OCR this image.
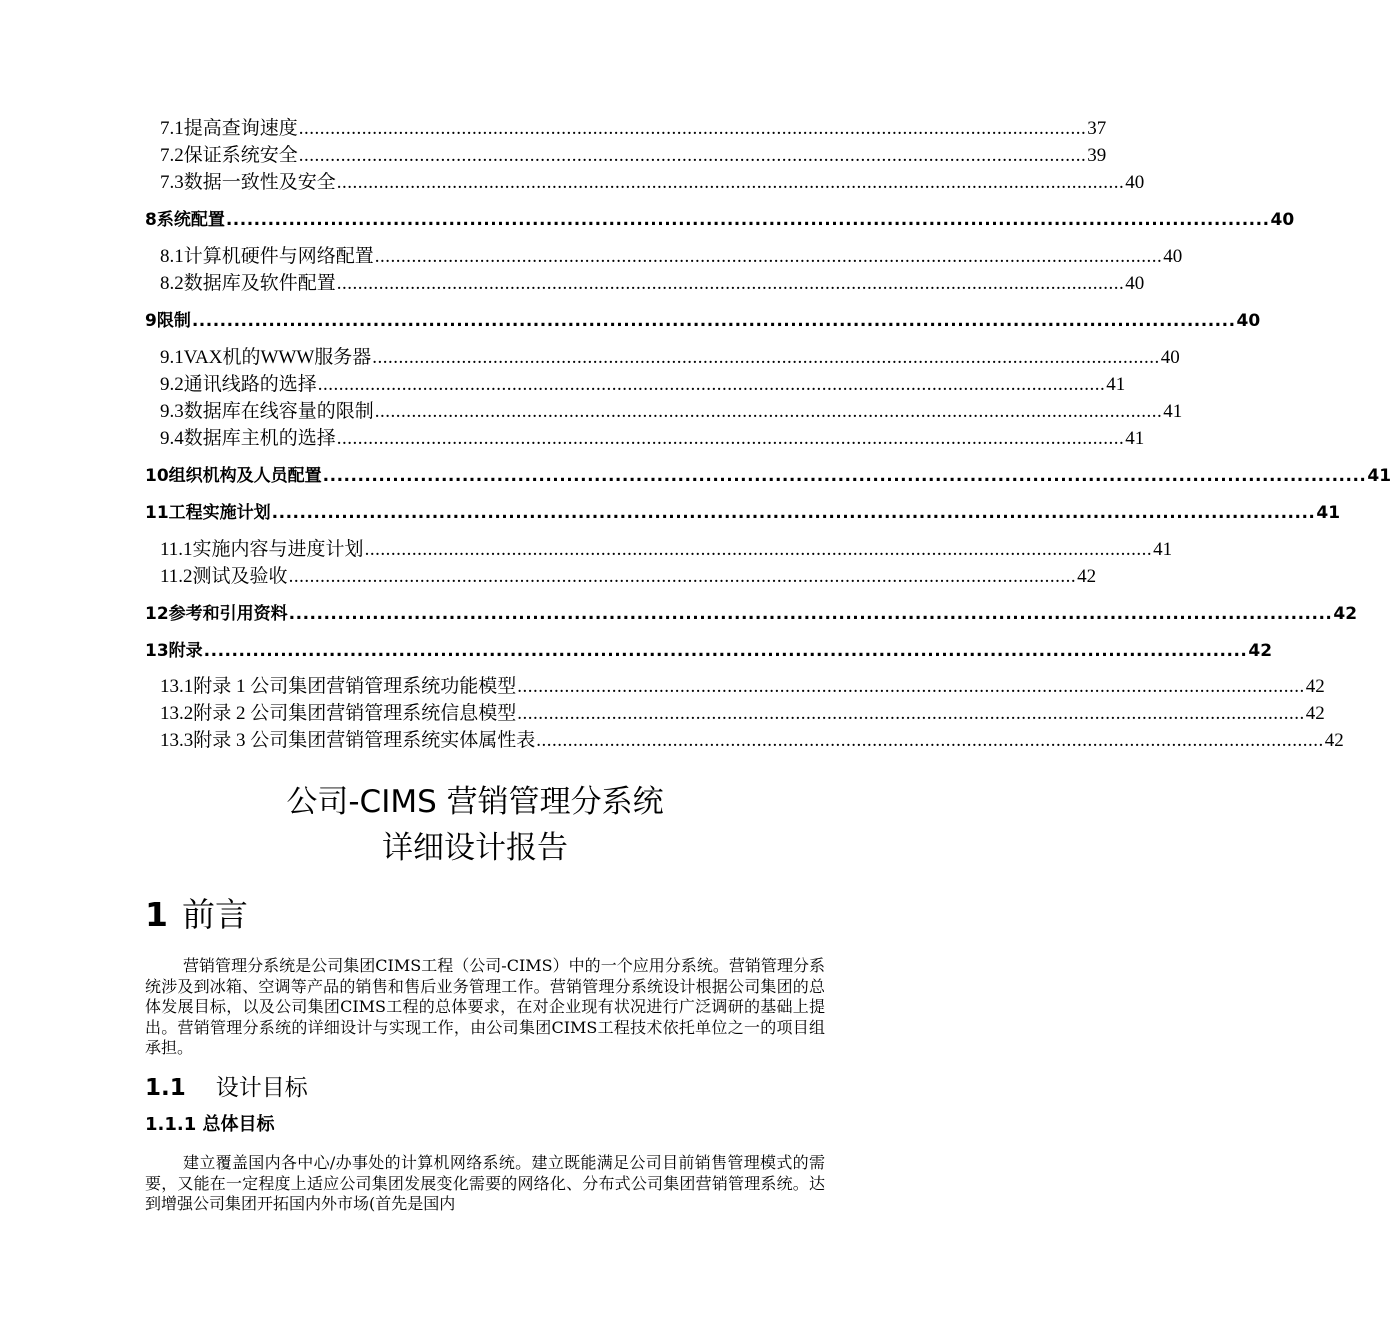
7.1 提高查询速度 ...................................................................................................................................................... 37
7.2 保证系统安全 ...................................................................................................................................................... 39
7.3 数据一致性及安全 ...................................................................................................................................................... 40
8 系统配置 ...................................................................................................................................................... 40
8.1 计算机硬件与网络配置 ...................................................................................................................................................... 40
8.2 数据库及软件配置 ...................................................................................................................................................... 40
9 限制 ...................................................................................................................................................... 40
9.1 VAX机的WWW服务器 ...................................................................................................................................................... 40
9.2 通讯线路的选择 ...................................................................................................................................................... 41
9.3 数据库在线容量的限制 ...................................................................................................................................................... 41
9.4 数据库主机的选择 ...................................................................................................................................................... 41
10 组织机构及人员配置 ...................................................................................................................................................... 41
11 工程实施计划 ...................................................................................................................................................... 41
11.1 实施内容与进度计划 ...................................................................................................................................................... 41
11.2 测试及验收 ...................................................................................................................................................... 42
12 参考和引用资料 ...................................................................................................................................................... 42
13 附录 ...................................................................................................................................................... 42
13.1 附录 1 公司集团营销管理系统功能模型 ...................................................................................................................................................... 42
13.2 附录 2 公司集团营销管理系统信息模型 ...................................................................................................................................................... 42
13.3 附录 3 公司集团营销管理系统实体属性表 ...................................................................................................................................................... 42
公司-CIMS 营销管理分系统
详细设计报告
1 前言
营销管理分系统是公司集团CIMS工程（公司-CIMS）中的一个应用分系统。营销管理分系统涉及到冰箱、空调等产品的销售和售后业务管理工作。营销管理分系统设计根据公司集团的总体发展目标，以及公司集团CIMS工程的总体要求，在对企业现有状况进行广泛调研的基础上提出。营销管理分系统的详细设计与实现工作，由公司集团CIMS工程技术依托单位之一的项目组承担。
1.1 设计目标
1.1.1 总体目标
建立覆盖国内各中心/办事处的计算机网络系统。建立既能满足公司目前销售管理模式的需要，又能在一定程度上适应公司集团发展变化需要的网络化、分布式公司集团营销管理系统。达到增强公司集团开拓国内外市场(首先是国内
